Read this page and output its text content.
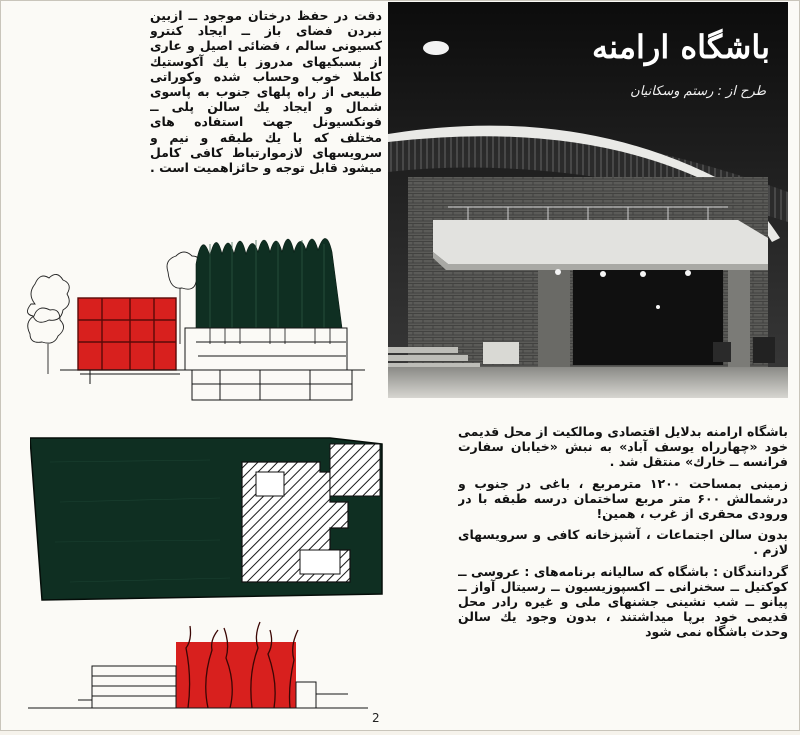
دقت در حفظ درختان موجود ــ ازبین نبردن فضای باز ــ ایجاد کنترو کسیونی سالم ، فضائی اصیل و عاری از بسبکیهای مدروز با یك آکوستیك کاملا خوب وحساب شده وکوراتی طبیعی از راه پلهای جنوب به پاسوی شمال و ایجاد یك سالن پلی ــ فونکسیونل جهت استفاده های مختلف که با یك طبقه و نیم و سرویسهای لازموارتباط کافی کامل میشود قابل توجه و حائزاهمیت است .

باشگاه ارامنه
طرح از : رستم وسکانیان
2

باشگاه ارامنه بدلایل اقتصادی ومالکیت از محل قدیمی خود «چهارراه یوسف آباد» به نبش «خیابان سفارت فرانسه ــ خارك» منتقل شد .

زمینی بمساحت ۱۲۰۰ مترمربع ، باغی در جنوب و درشمالش ۶۰۰ متر مربع ساختمان درسه طبقه با در ورودی محقری از غرب ، همین!

بدون سالن اجتماعات ، آشپزخانه کافی و سرویسهای لازم .

گردانندگان : باشگاه که سالیانه برنامه‌های : عروسی ــ کوکتیل ــ سخنرانی ــ اکسپوزیسیون ــ رسیتال آواز ــ پیانو ــ شب نشینی جشنهای ملی و غیره رادر محل قدیمی خود برپا میداشتند ، بدون وجود یك سالن وحدت باشگاه نمی شود
